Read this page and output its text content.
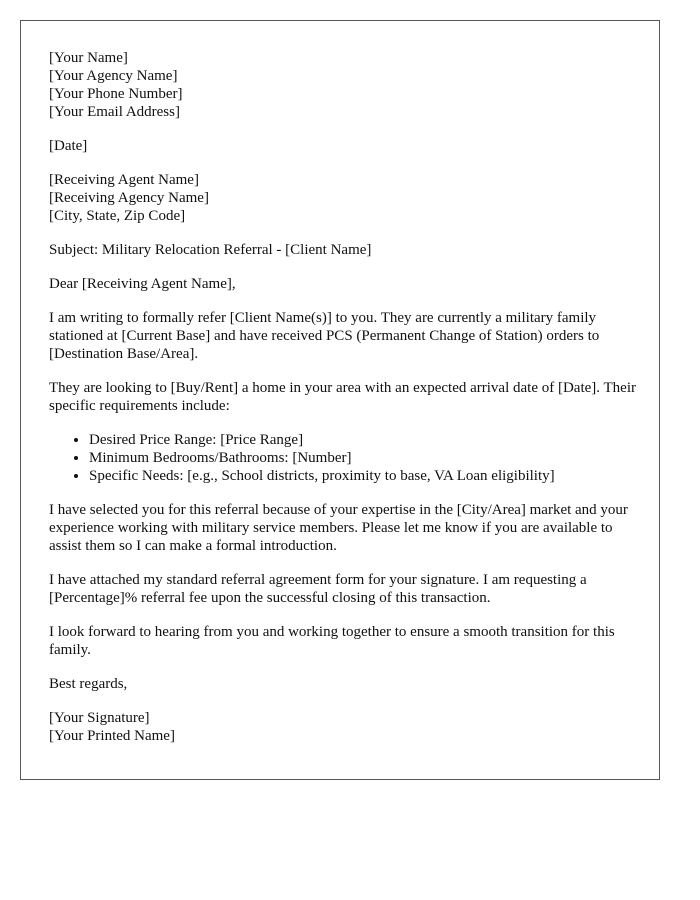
[Your Name]
[Your Agency Name]
[Your Phone Number]
[Your Email Address]

[Date]

[Receiving Agent Name]
[Receiving Agency Name]
[City, State, Zip Code]

Subject: Military Relocation Referral - [Client Name]

Dear [Receiving Agent Name],

I am writing to formally refer [Client Name(s)] to you. They are currently a military family stationed at [Current Base] and have received PCS (Permanent Change of Station) orders to [Destination Base/Area].

They are looking to [Buy/Rent] a home in your area with an expected arrival date of [Date]. Their specific requirements include:

• Desired Price Range: [Price Range]
• Minimum Bedrooms/Bathrooms: [Number]
• Specific Needs: [e.g., School districts, proximity to base, VA Loan eligibility]

I have selected you for this referral because of your expertise in the [City/Area] market and your experience working with military service members. Please let me know if you are available to assist them so I can make a formal introduction.

I have attached my standard referral agreement form for your signature. I am requesting a [Percentage]% referral fee upon the successful closing of this transaction.

I look forward to hearing from you and working together to ensure a smooth transition for this family.

Best regards,

[Your Signature]
[Your Printed Name]
